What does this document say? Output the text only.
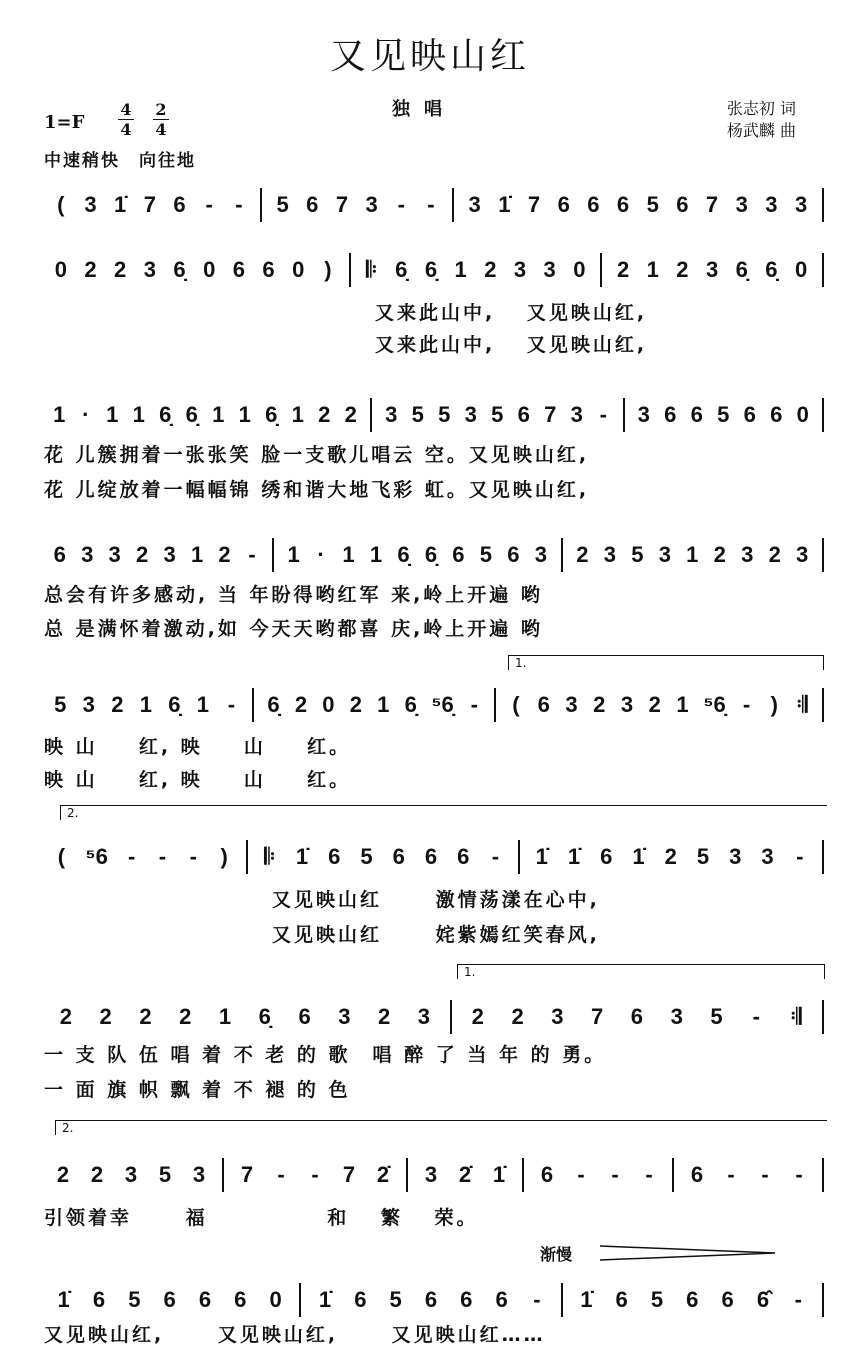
又见映山红
独唱
$1=F \frac{4}{4} \frac{2}{4}$
中速稍快　向往地
张志初 词
杨武麟 曲
1.
2.
1.
2.
渐慢
( 3 1̇ 7 6 - - 5 6 7 3 - - 3 1̇ 7 6 6 6 5 6 7 3 3 3
0 2 2 3 6̣ 0 6 6 0 ) 𝄆 6̣ 6̣ 1 2 3 3 0 2 1 2 3 6̣ 6̣ 0
又来此山中,　 又见映山红,
又来此山中,　 又见映山红,
1 · 1 1 6̣ 6̣ 1 1 6̣ 1 2 2 3 5 5 3 5 6 7 3 - 3 6 6 5 6 6 0
花 儿簇拥着一张张笑 脸一支歌儿唱云 空。又见映山红,
花 儿绽放着一幅幅锦 绣和谐大地飞彩 虹。又见映山红,
6 3 3 2 3 1 2 - 1 · 1 1 6̣ 6̣ 6 5 6 3 2 3 5 3 1 2 3 2 3
总会有许多感动, 当 年盼得哟红军 来,岭上开遍 哟
总 是满怀着激动,如 今天天哟都喜 庆,岭上开遍 哟
5 3 2 1 6̣ 1 - 6̣ 2 0 2 1 6̣ ⁵6̣ - ( 6 3 2 3 2 1 ⁵6̣ - ) 𝄇
映 山 　 红, 映 　 山 　 红。
映 山 　 红, 映 　 山 　 红。
( ⁵6 - - - ) 𝄆 1̇ 6 5 6 6 6 - 1̇ 1̇ 6 1̇ 2 5 3 3 -
又见映山红　　 激情荡漾在心中,
又见映山红　　 姹紫嫣红笑春风,
2 2 2 2 1 6̣ 6 3 2 3 2 2 3 7 6 3 5 - 𝄇
一 支 队 伍 唱 着 不 老 的 歌　唱 醉 了 当 年 的 勇。
一 面 旗 帜 飘 着 不 褪 的 色
2 2 3 5 3 7 - - 7 2̇ 3 2̇ 1̇ 6 - - - 6 - - -
引领着幸　　 福　　　　　 和　 繁　 荣。
1̇ 6 5 6 6 6 0 1̇ 6 5 6 6 6 - 1̇ 6 5 6 6 6̂ -
又见映山红,　　 又见映山红,　　 又见映山红……
